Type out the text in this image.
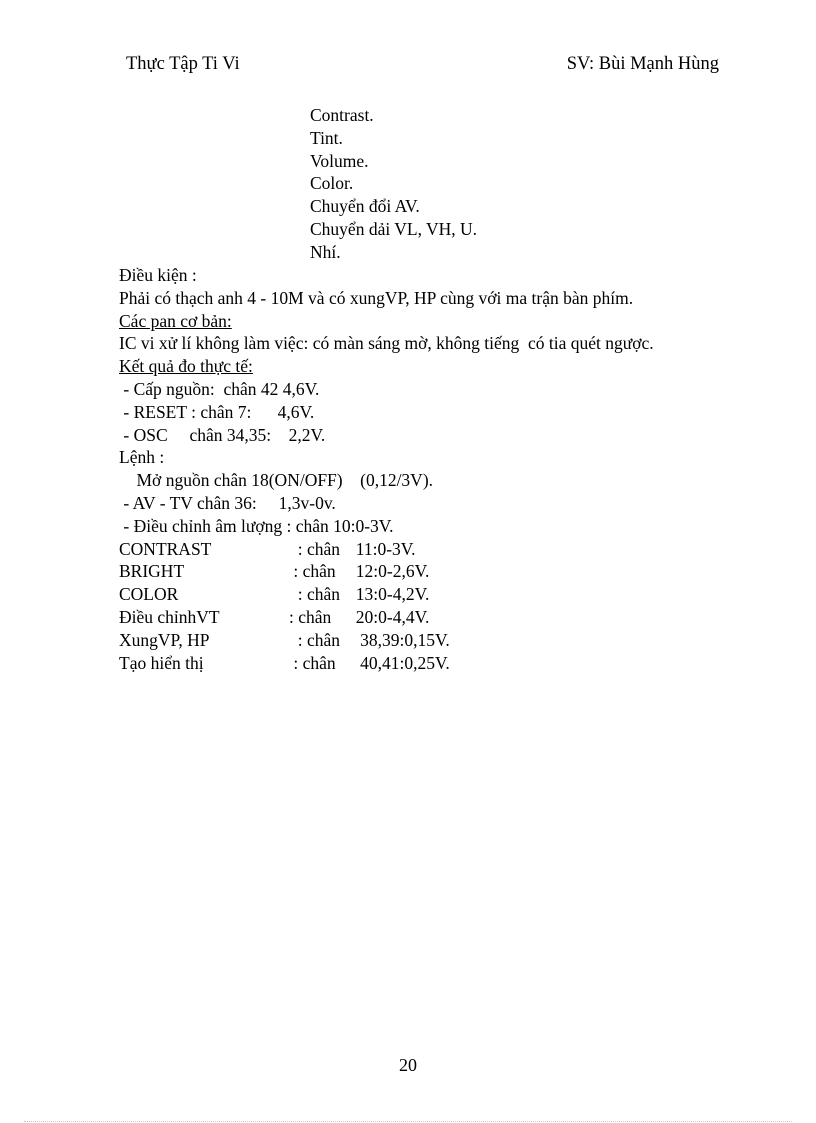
Thực Tập Ti Vi	SV: Bùi Mạnh Hùng
Contrast.
Tint.
Volume.
Color.
Chuyển đổi AV.
Chuyển dải VL, VH, U.
Nhí.
Điều kiện :
Phải có thạch anh 4 - 10M và có xungVP, HP cùng với ma trận bàn phím.
Các pan cơ bản:
IC vi xử lí không làm việc: có màn sáng mờ, không tiếng  có tia quét ngược.
Kết quả đo thực tế:
- Cấp nguồn:  chân 42 4,6V.
- RESET : chân 7:      4,6V.
- OSC     chân 34,35:    2,2V.
Lệnh :
Mở nguồn chân 18(ON/OFF)    (0,12/3V).
- AV - TV chân 36:     1,3v-0v.
- Điều chỉnh âm lượng : chân 10:0-3V.
CONTRAST	: chân 11:0-3V.
BRIGHT	: chân 12:0-2,6V.
COLOR	: chân 13:0-4,2V.
Điều chỉnhVT	: chân 20:0-4,4V.
XungVP, HP	: chân 38,39:0,15V.
Tạo hiển thị	: chân 40,41:0,25V.
20
